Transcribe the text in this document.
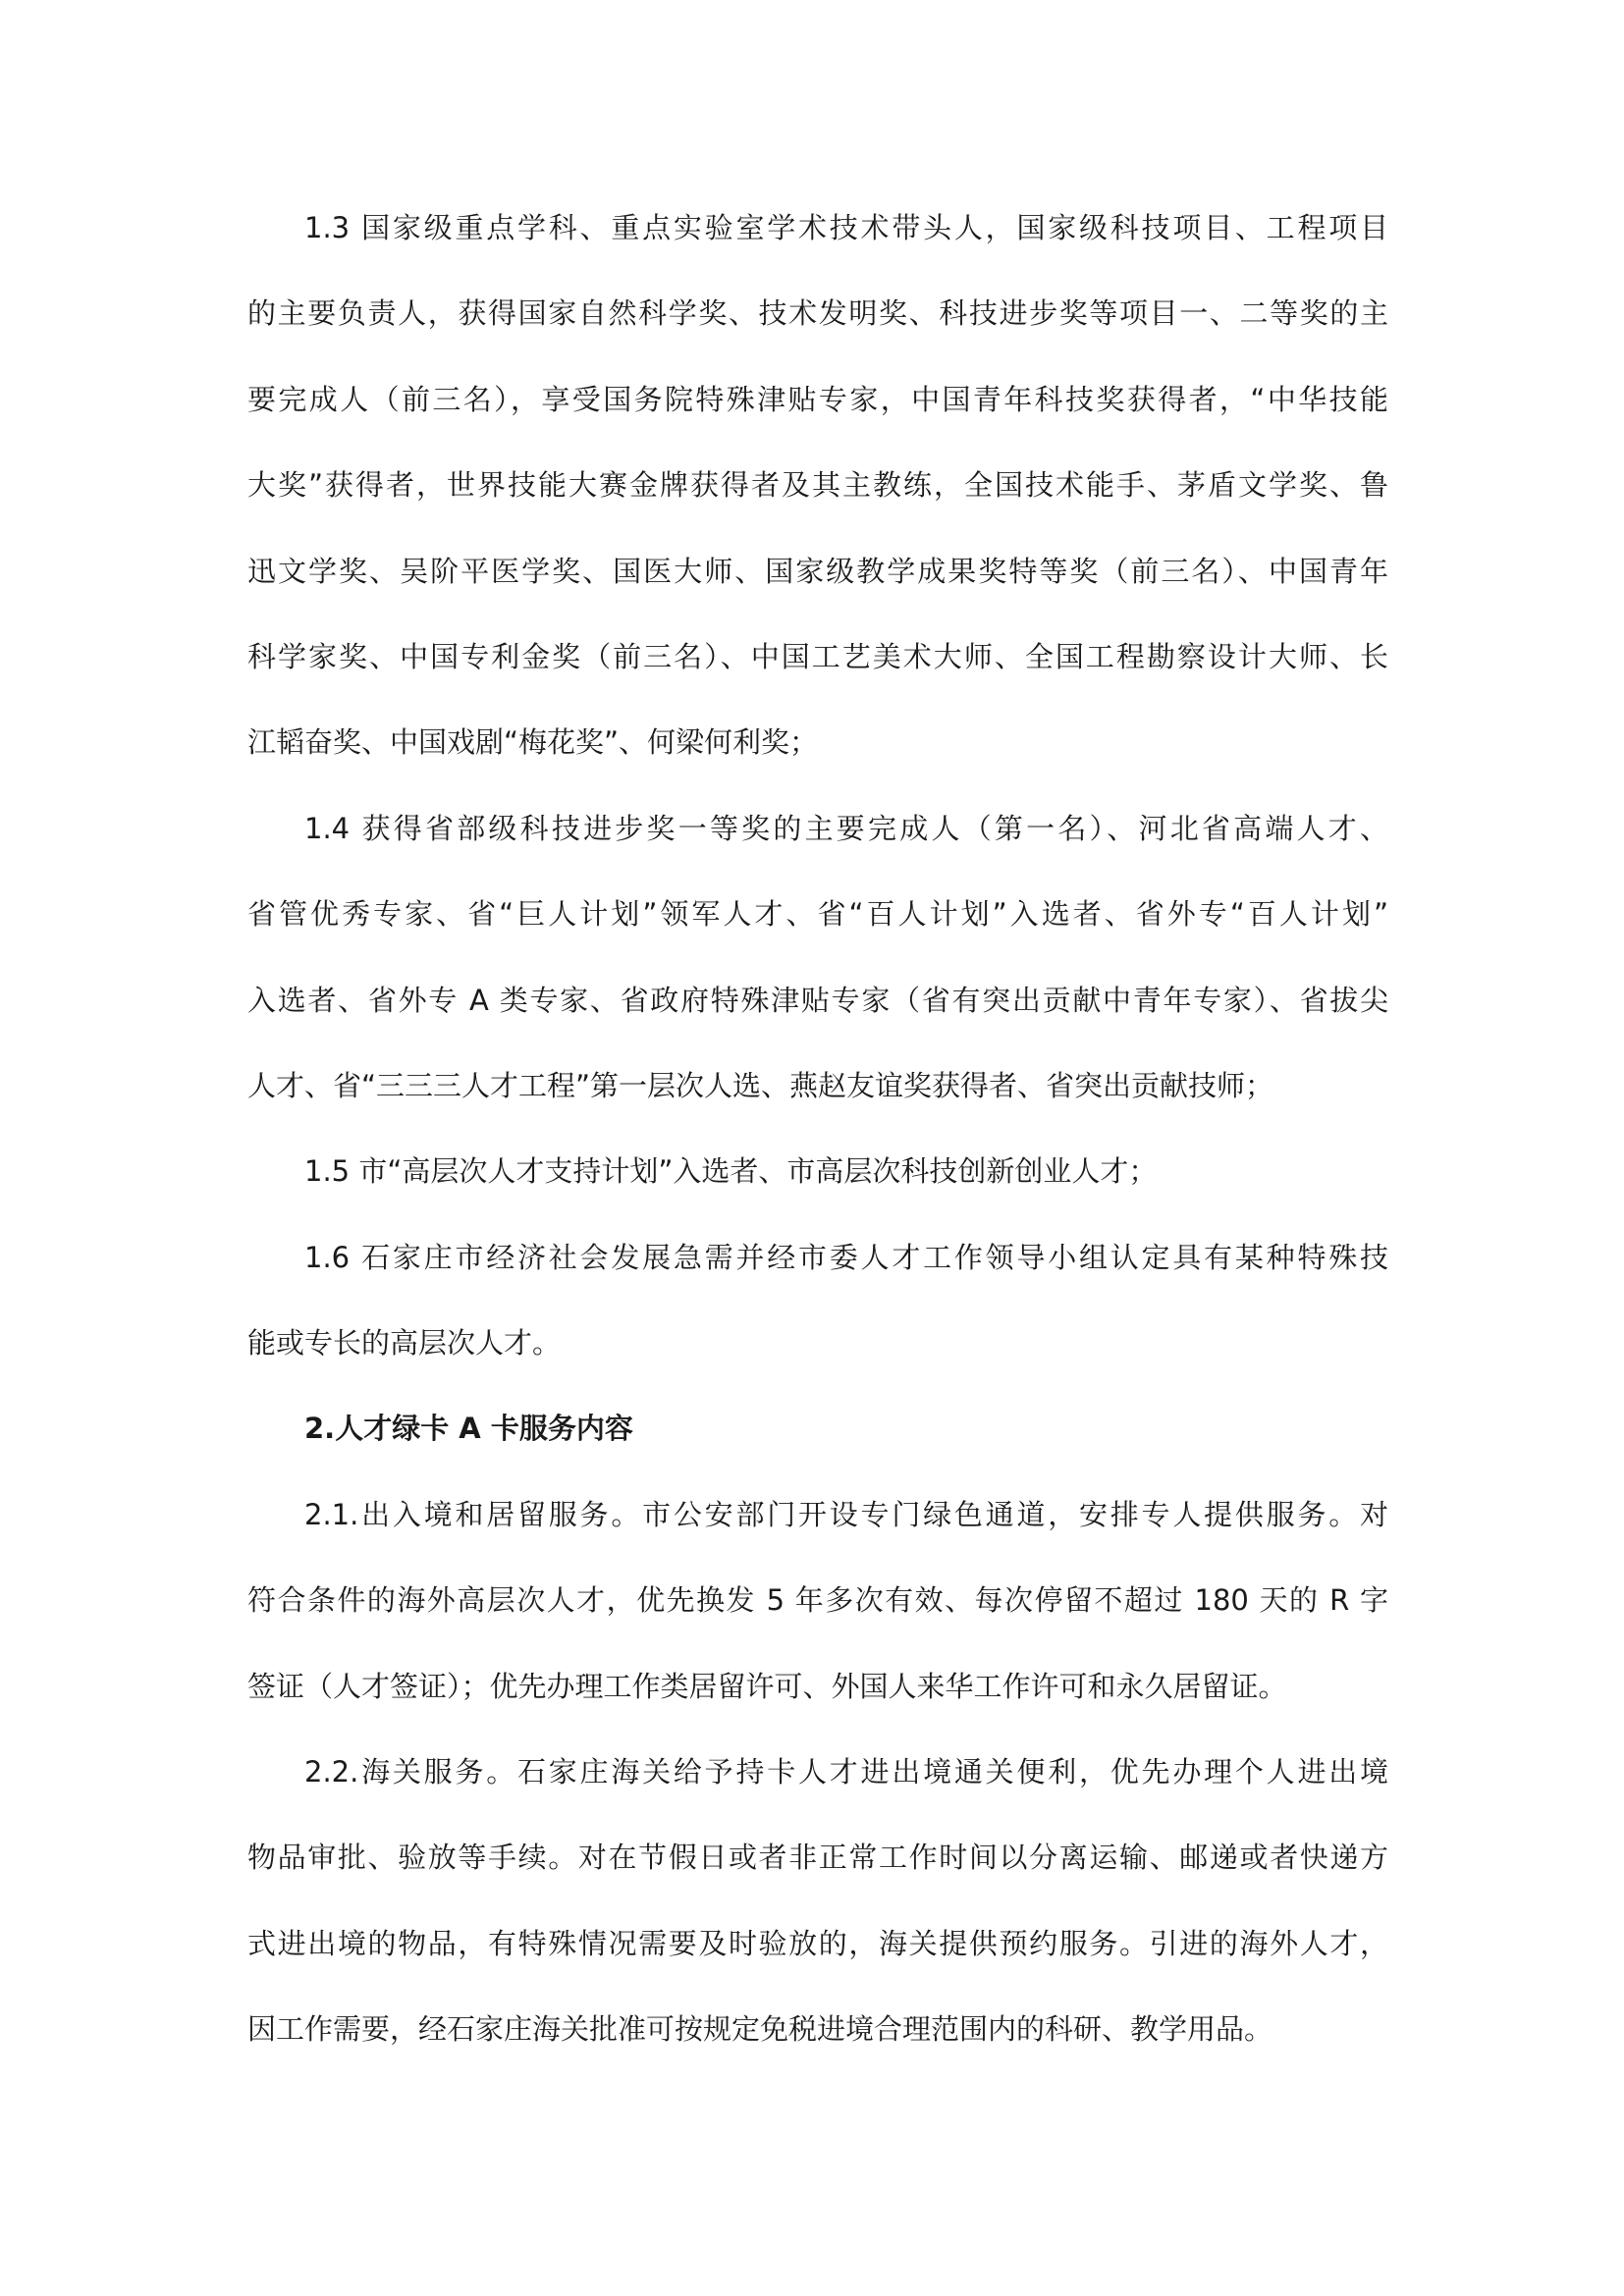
1.3 国家级重点学科、重点实验室学术技术带头人，国家级科技项目、工程项目
的主要负责人，获得国家自然科学奖、技术发明奖、科技进步奖等项目一、二等奖的主
要完成人（前三名），享受国务院特殊津贴专家，中国青年科技奖获得者，“中华技能
大奖”获得者，世界技能大赛金牌获得者及其主教练，全国技术能手、茅盾文学奖、鲁
迅文学奖、吴阶平医学奖、国医大师、国家级教学成果奖特等奖（前三名）、中国青年
科学家奖、中国专利金奖（前三名）、中国工艺美术大师、全国工程勘察设计大师、长
江韬奋奖、中国戏剧“梅花奖”、何梁何利奖；
1.4 获得省部级科技进步奖一等奖的主要完成人（第一名）、河北省高端人才、
省管优秀专家、省“巨人计划”领军人才、省“百人计划”入选者、省外专“百人计划”
入选者、省外专 A 类专家、省政府特殊津贴专家（省有突出贡献中青年专家）、省拔尖
人才、省“三三三人才工程”第一层次人选、燕赵友谊奖获得者、省突出贡献技师；
1.5 市“高层次人才支持计划”入选者、市高层次科技创新创业人才；
1.6 石家庄市经济社会发展急需并经市委人才工作领导小组认定具有某种特殊技
能或专长的高层次人才。
2.人才绿卡 A 卡服务内容
2.1.出入境和居留服务。市公安部门开设专门绿色通道，安排专人提供服务。对
符合条件的海外高层次人才，优先换发 5 年多次有效、每次停留不超过 180 天的 R 字
签证（人才签证）；优先办理工作类居留许可、外国人来华工作许可和永久居留证。
2.2.海关服务。石家庄海关给予持卡人才进出境通关便利，优先办理个人进出境
物品审批、验放等手续。对在节假日或者非正常工作时间以分离运输、邮递或者快递方
式进出境的物品，有特殊情况需要及时验放的，海关提供预约服务。引进的海外人才，
因工作需要，经石家庄海关批准可按规定免税进境合理范围内的科研、教学用品。
